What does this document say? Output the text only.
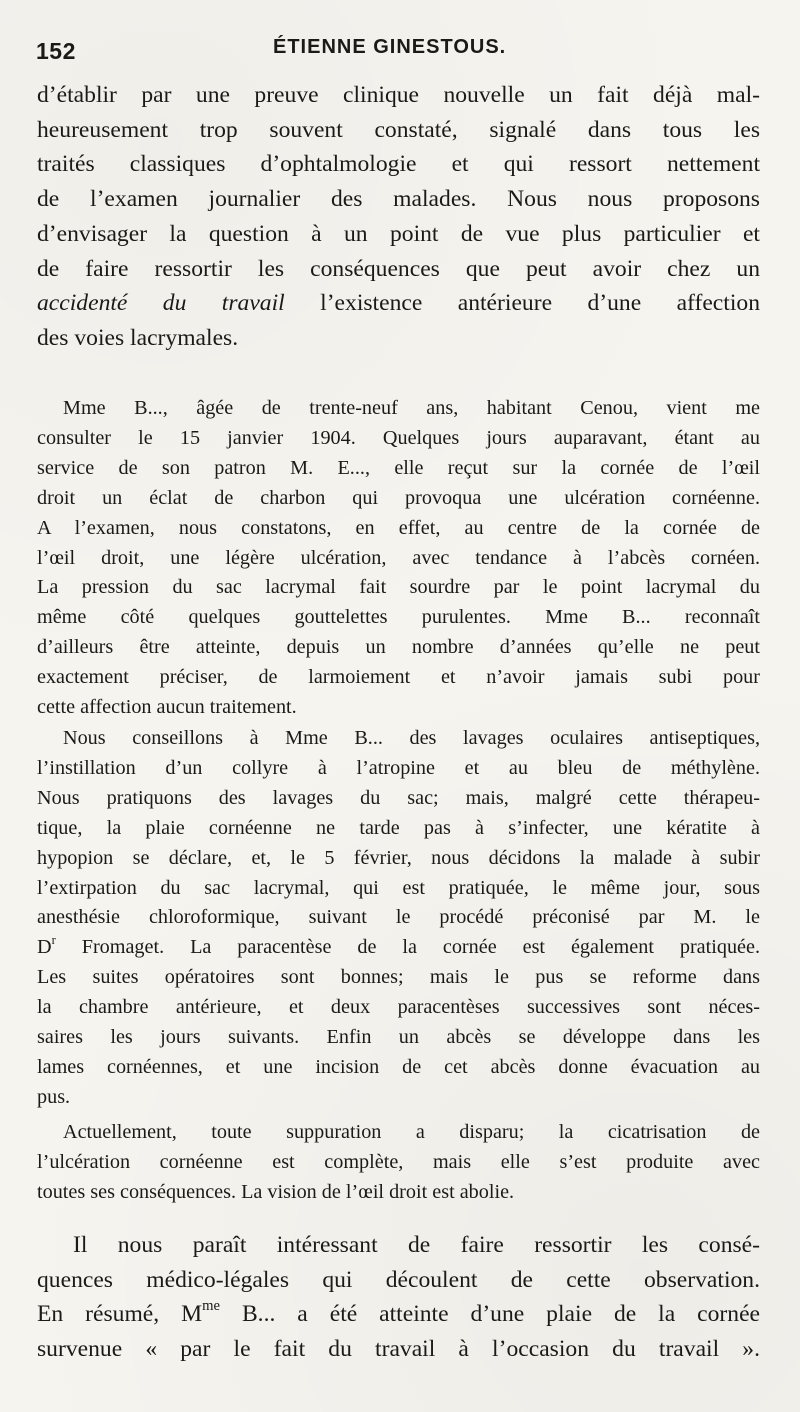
152	ÉTIENNE GINESTOUS.
d’établir par une preuve clinique nouvelle un fait déjà mal-
heureusement trop souvent constaté, signalé dans tous les
traités classiques d’ophtalmologie et qui ressort nettement
de l’examen journalier des malades. Nous nous proposons
d’envisager la question à un point de vue plus particulier et
de faire ressortir les conséquences que peut avoir chez un
accidenté du travail l’existence antérieure d’une affection
des voies lacrymales.
Mme B..., âgée de trente-neuf ans, habitant Cenou, vient me
consulter le 15 janvier 1904. Quelques jours auparavant, étant au
service de son patron M. E..., elle reçut sur la cornée de l’œil
droit un éclat de charbon qui provoqua une ulcération cornéenne.
A l’examen, nous constatons, en effet, au centre de la cornée de
l’œil droit, une légère ulcération, avec tendance à l’abcès cornéen.
La pression du sac lacrymal fait sourdre par le point lacrymal du
même côté quelques gouttelettes purulentes. Mme B... reconnaît
d’ailleurs être atteinte, depuis un nombre d’années qu’elle ne peut
exactement préciser, de larmoiement et n’avoir jamais subi pour
cette affection aucun traitement.
Nous conseillons à Mme B... des lavages oculaires antiseptiques,
l’instillation d’un collyre à l’atropine et au bleu de méthylène.
Nous pratiquons des lavages du sac; mais, malgré cette thérapeu-
tique, la plaie cornéenne ne tarde pas à s’infecter, une kératite à
hypopion se déclare, et, le 5 février, nous décidons la malade à subir
l’extirpation du sac lacrymal, qui est pratiquée, le même jour, sous
anesthésie chloroformique, suivant le procédé préconisé par M. le
$D^r$ Fromaget. La paracentèse de la cornée est également pratiquée.
Les suites opératoires sont bonnes; mais le pus se reforme dans
la chambre antérieure, et deux paracentèses successives sont néces-
saires les jours suivants. Enfin un abcès se développe dans les
lames cornéennes, et une incision de cet abcès donne évacuation au
pus.
Actuellement, toute suppuration a disparu; la cicatrisation de
l’ulcération cornéenne est complète, mais elle s’est produite avec
toutes ses conséquences. La vision de l’œil droit est abolie.
Il nous paraît intéressant de faire ressortir les consé-
quences médico-légales qui découlent de cette observation.
En résumé, $M^{me}$ B... a été atteinte d’une plaie de la cornée
survenue « par le fait du travail à l’occasion du travail ».
